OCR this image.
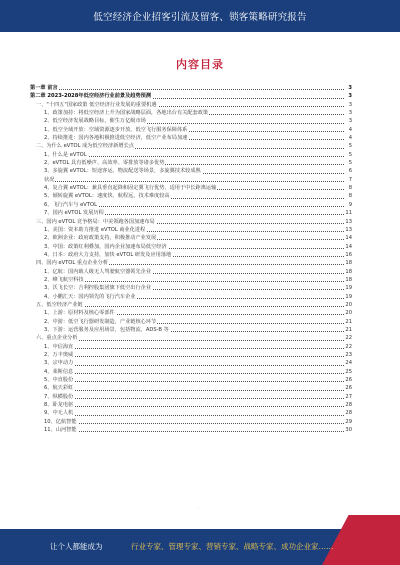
低空经济企业招客引流及留客、锁客策略研究报告
内容目录
第一章 前言	3
第二章 2023-2028年低空经济行业前景及趋势预测	3
一、"十四五"国家政策 低空经济行业发展的重要机遇	3
1、政策加持：将低空经济上升为国家战略层面，各地出台有关配套政策	3
2、低空经济发展战略目标，催生万亿级市场	3
1、低空全域开放：空域资源逐步开放，低空飞行服务保障体系	4
2、持续推进：国内各地积极推进低空经济，低空产业布局加速	4
二、为什么 eVTOL 成为低空经济新增长点	5
1、什么是 eVTOL	5
2、eVTOL 具有低噪声、高效率、零排放等诸多优势	5
3、多旋翼 eVTOL：短途客运、物流配送等场景，多旋翼技术较成熟	6
状况	7
4、复合翼 eVTOL：兼具垂直起降和固定翼飞行优势，适用于中长距离运输	8
5、倾转旋翼 eVTOL：速度快、航程远，技术难度较高	8
6、飞行汽车与 eVTOL	9
7、国内 eVTOL 发展历程	11
三、国内 eVTOL 竞争格局：中美领跑各国加速布局	13
1、美国：资本助力推进 eVTOL 商业化进程	13
2、欧洲企业：政府政策支持，积极推动产业发展	14
3、中国：政策红利叠加，国内企业加速布局低空经济	14
4、日本：政府大力支持，加快 eVTOL 研发及应用落地	16
四、国内 eVTOL 重点企业分析	18
1、亿航：国内载人级无人驾驶航空器领先企业	18
2、峰飞航空科技	18
3、沃飞长空：吉利控股集团旗下低空出行企业	19
4、小鹏汇天：国内领先的飞行汽车企业	19
五、低空经济产业链	20
1、上游：原材料及核心零部件	20
2、中游：低空飞行器研发制造，产业链核心环节	21
3、下游：运营服务及应用场景，包括物流、ADS-B 等	21
六、重点企业分析	22
1、中信海直	22
2、万丰奥威	23
3、宗申动力	24
4、莱斯信息	25
5、中直股份	26
6、航天彩虹	26
7、纵横股份	27
8、卧龙电驱	28
9、中无人机	28
10、亿航智能	29
11、山河智能	30
·
让个人都能成为	行业专家、管理专家、营销专家、战略专家、成功企业家……
